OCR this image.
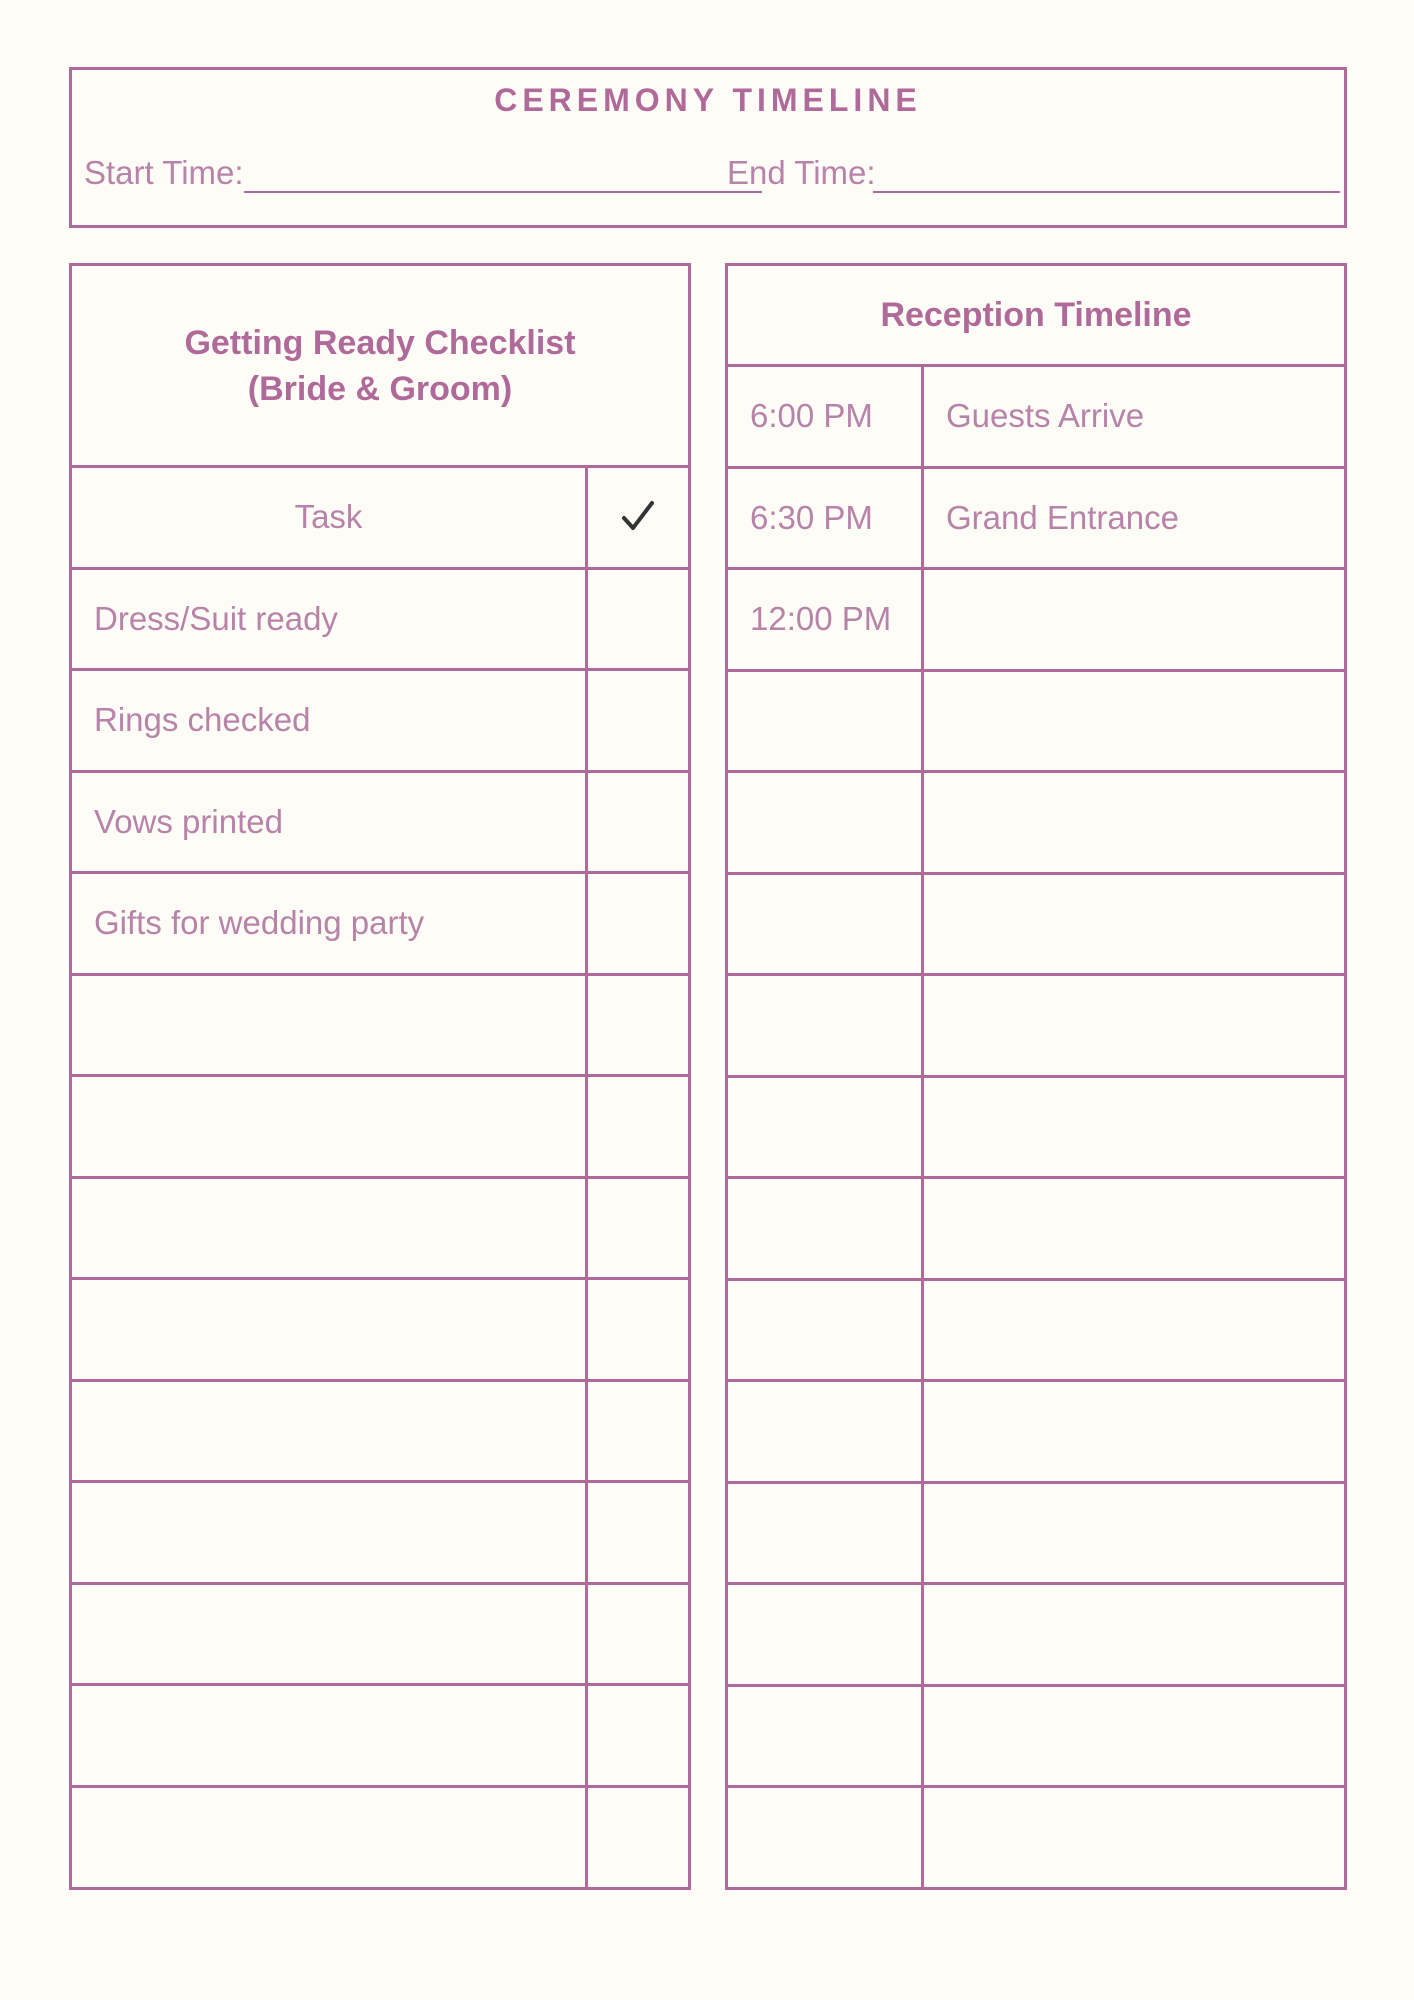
CEREMONY TIMELINE
Start Time:	End Time:
Getting Ready Checklist
(Bride & Groom)
Task
Dress/Suit ready
Rings checked
Vows printed
Gifts for wedding party
Reception Timeline
6:00 PM	Guests Arrive
6:30 PM	Grand Entrance
12:00 PM
